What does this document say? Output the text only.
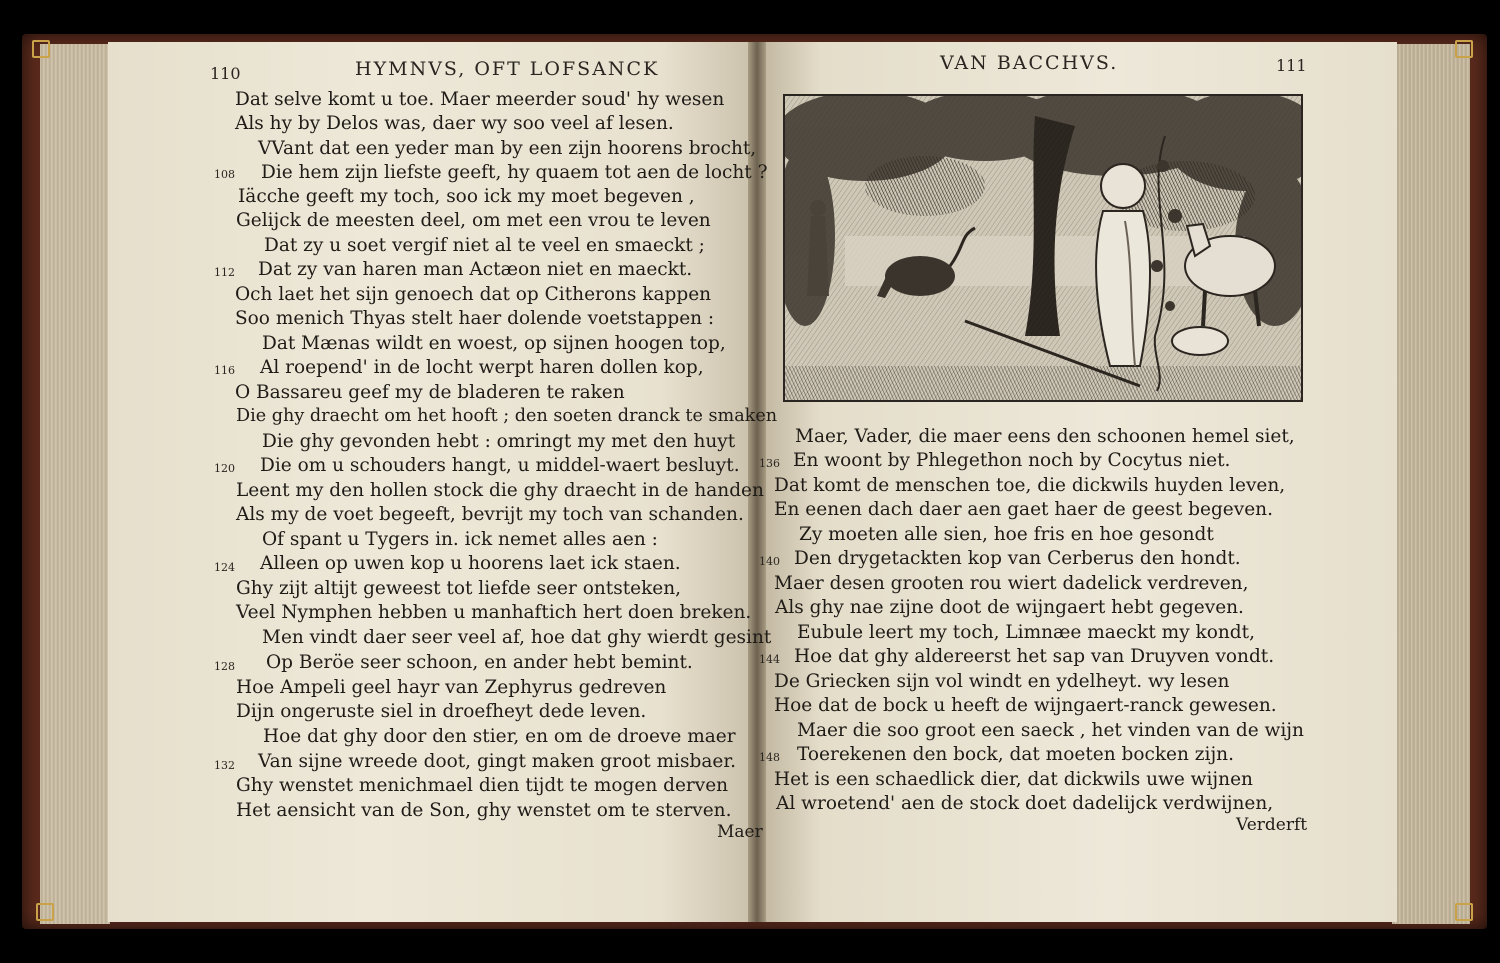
110	HYMNVS, OFT LOFSANCK
Dat selve komt u toe. Maer meerder soud' hy wesen
Als hy by Delos was, daer wy soo veel af lesen.
VVant dat een yeder man by een zijn hoorens brocht,
Die hem zijn liefste geeft, hy quaem tot aen de locht ?
Iäcche geeft my toch, soo ick my moet begeven ,
Gelijck de meesten deel, om met een vrou te leven
Dat zy u soet vergif niet al te veel en smaeckt ;
Dat zy van haren man Actæon niet en maeckt.
Och laet het sijn genoech dat op Citherons kappen
Soo menich Thyas stelt haer dolende voetstappen :
Dat Mænas wildt en woest, op sijnen hoogen top,
Al roepend' in de locht werpt haren dollen kop,
O Bassareu geef my de bladeren te raken
Die ghy draecht om het hooft ; den soeten dranck te smaken
Die ghy gevonden hebt : omringt my met den huyt
Die om u schouders hangt, u middel-waert besluyt.
Leent my den hollen stock die ghy draecht in de handen
Als my de voet begeeft, bevrijt my toch van schanden.
Of spant u Tygers in. ick nemet alles aen :
Alleen op uwen kop u hoorens laet ick staen.
Ghy zijt altijt geweest tot liefde seer ontsteken,
Veel Nymphen hebben u manhaftich hert doen breken.
Men vindt daer seer veel af, hoe dat ghy wierdt gesint
Op Beröe seer schoon, en ander hebt bemint.
Hoe Ampeli geel hayr van Zephyrus gedreven
Dijn ongeruste siel in droefheyt dede leven.
Hoe dat ghy door den stier, en om de droeve maer
Van sijne wreede doot, gingt maken groot misbaer.
Ghy wenstet menichmael dien tijdt te mogen derven
Het aensicht van de Son, ghy wenstet om te sterven.
108
112
116
120
124
128
132
Maer
VAN BACCHVS.	111
Maer, Vader, die maer eens den schoonen hemel siet,
En woont by Phlegethon noch by Cocytus niet.
Dat komt de menschen toe, die dickwils huyden leven,
En eenen dach daer aen gaet haer de geest begeven.
Zy moeten alle sien, hoe fris en hoe gesondt
Den drygetackten kop van Cerberus den hondt.
Maer desen grooten rou wiert dadelick verdreven,
Als ghy nae zijne doot de wijngaert hebt gegeven.
Eubule leert my toch, Limnæe maeckt my kondt,
Hoe dat ghy aldereerst het sap van Druyven vondt.
De Griecken sijn vol windt en ydelheyt. wy lesen
Hoe dat de bock u heeft de wijngaert-ranck gewesen.
Maer die soo groot een saeck , het vinden van de wijn
Toerekenen den bock, dat moeten bocken zijn.
Het is een schaedlick dier, dat dickwils uwe wijnen
Al wroetend' aen de stock doet dadelijck verdwijnen,
136
140
144
148
Verderft
